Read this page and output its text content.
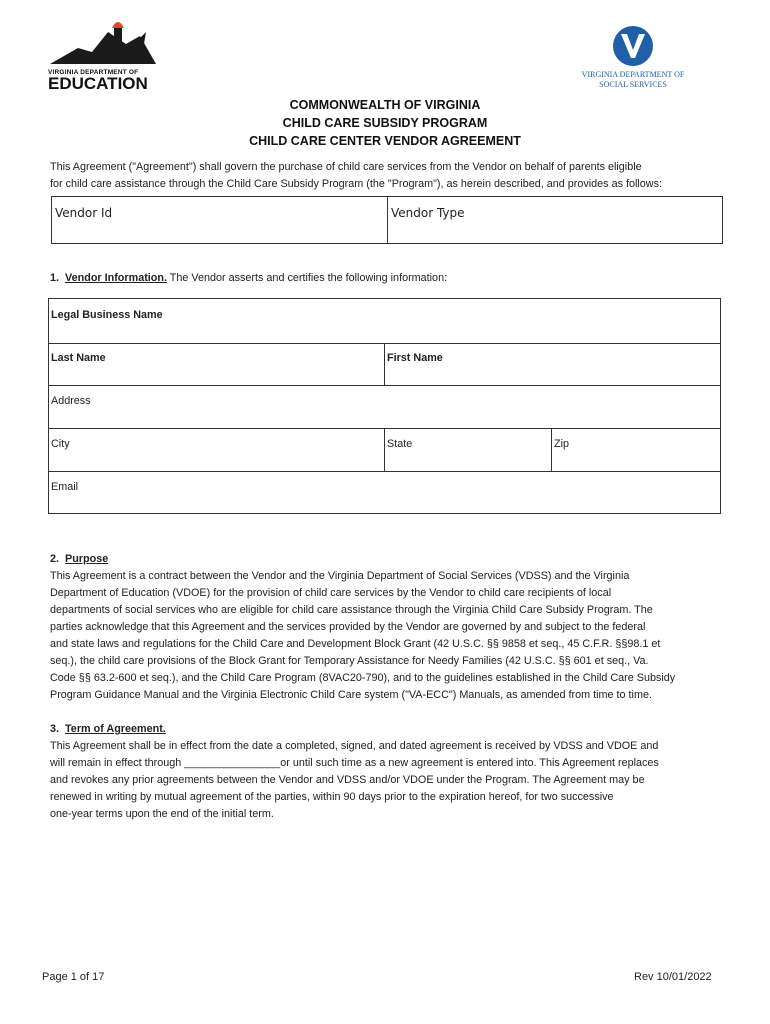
VIRGINIA DEPARTMENT OF
EDUCATION	VIRGINIA DEPARTMENT OF
SOCIAL SERVICES
COMMONWEALTH OF VIRGINIA
CHILD CARE SUBSIDY PROGRAM
CHILD CARE CENTER VENDOR AGREEMENT
This Agreement ("Agreement") shall govern the purchase of child care services from the Vendor on behalf of parents eligible
for child care assistance through the Child Care Subsidy Program (the "Program"), as herein described, and provides as follows:
Vendor Id	Vendor Type
1. Vendor Information. The Vendor asserts and certifies the following information:
Legal Business Name
Last Name	First Name
Address
City	State	Zip
Email
2. Purpose
This Agreement is a contract between the Vendor and the Virginia Department of Social Services (VDSS) and the Virginia
Department of Education (VDOE) for the provision of child care services by the Vendor to child care recipients of local
departments of social services who are eligible for child care assistance through the Virginia Child Care Subsidy Program. The
parties acknowledge that this Agreement and the services provided by the Vendor are governed by and subject to the federal
and state laws and regulations for the Child Care and Development Block Grant (42 U.S.C. §§ 9858 et seq., 45 C.F.R. §§98.1 et
seq.), the child care provisions of the Block Grant for Temporary Assistance for Needy Families (42 U.S.C. §§ 601 et seq., Va.
Code §§ 63.2-600 et seq.), and the Child Care Program (8VAC20-790), and to the guidelines established in the Child Care Subsidy
Program Guidance Manual and the Virginia Electronic Child Care system ("VA-ECC") Manuals, as amended from time to time.
3. Term of Agreement.
This Agreement shall be in effect from the date a completed, signed, and dated agreement is received by VDSS and VDOE and
will remain in effect through ________________or until such time as a new agreement is entered into. This Agreement replaces
and revokes any prior agreements between the Vendor and VDSS and/or VDOE under the Program. The Agreement may be
renewed in writing by mutual agreement of the parties, within 90 days prior to the expiration hereof, for two successive
one-year terms upon the end of the initial term.
Page 1 of 17	Rev 10/01/2022
